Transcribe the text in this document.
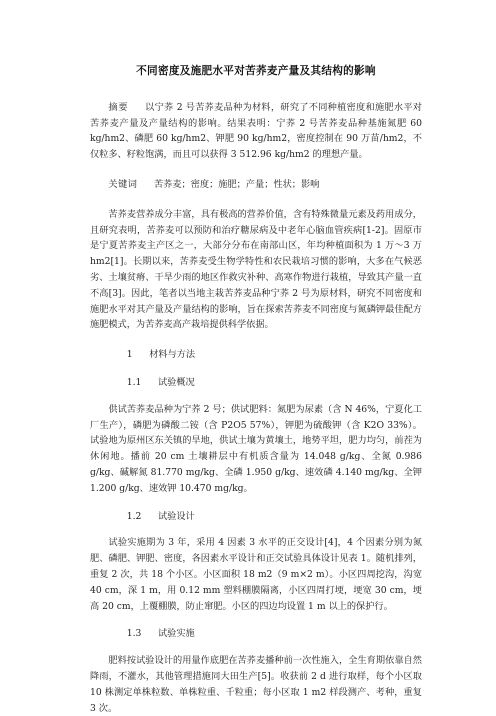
不同密度及施肥水平对苦荞麦产量及其结构的影响

摘要 以宁荞 2 号苦荞麦品种为材料，研究了不同种植密度和施肥水平对苦荞麦产量及产量结构的影响。结果表明：宁荞 2 号苦荞麦品种基施氮肥 60 kg/hm2、磷肥 60 kg/hm2、钾肥 90 kg/hm2，密度控制在 90 万苗/hm2，不仅粒多、籽粒饱满，而且可以获得 3 512.96 kg/hm2 的理想产量。

关键词 苦荞麦；密度；施肥；产量；性状；影响

苦荞麦营养成分丰富，具有极高的营养价值，含有特殊微量元素及药用成分，且研究表明，苦荞麦可以预防和治疗糖尿病及中老年心脑血管疾病[1-2]。固原市是宁夏苦荞麦主产区之一，大部分分布在南部山区，年均种植面积为 1 万～3 万 hm2[1]。长期以来，苦荞麦受生物学特性和农民栽培习惯的影响，大多在气候恶劣、土壤贫瘠、干旱少雨的地区作救灾补种、高寒作物进行栽植，导致其产量一直不高[3]。因此，笔者以当地主栽苦荞麦品种宁荞 2 号为原材料，研究不同密度和施肥水平对其产量及产量结构的影响，旨在探索苦荞麦不同密度与氮磷钾最佳配方施肥模式，为苦荞麦高产栽培提供科学依据。

1 材料与方法

1.1 试验概况

供试苦荞麦品种为宁荞 2 号；供试肥料：氮肥为尿素（含 N 46%，宁夏化工厂生产），磷肥为磷酸二铵（含 P2O5 57%），钾肥为硫酸钾（含 K2O 33%）。试验地为原州区东关镇的旱地，供试土壤为黄壤土，地势平坦，肥力均匀，前茬为休闲地。播前 20 cm 土壤耕层中有机质含量为 14.048 g/kg、全氮 0.986 g/kg、碱解氮 81.770 mg/kg、全磷 1.950 g/kg、速效磷 4.140 mg/kg、全钾 1.200 g/kg、速效钾 10.470 mg/kg。

1.2 试验设计

试验实施期为 3 年，采用 4 因素 3 水平的正交设计[4]，4 个因素分别为氮肥、磷肥、钾肥、密度，各因素水平设计和正交试验具体设计见表 1。随机排列，重复 2 次，共 18 个小区。小区面积 18 m2（9 m×2 m）。小区四周挖沟，沟宽 40 cm，深 1 m，用 0.12 mm 塑料棚膜隔离，小区四周打埂，埂宽 30 cm，埂高 20 cm，上覆棚膜，防止窜肥。小区的四边均设置 1 m 以上的保护行。

1.3 试验实施

肥料按试验设计的用量作底肥在苦荞麦播种前一次性施入，全生育期依靠自然降雨，不灌水，其他管理措施同大田生产[5]。收获前 2 d 进行取样，每个小区取 10 株测定单株粒数、单株粒重、千粒重；每小区取 1 m2 样段测产、考种，重复 3 次。
